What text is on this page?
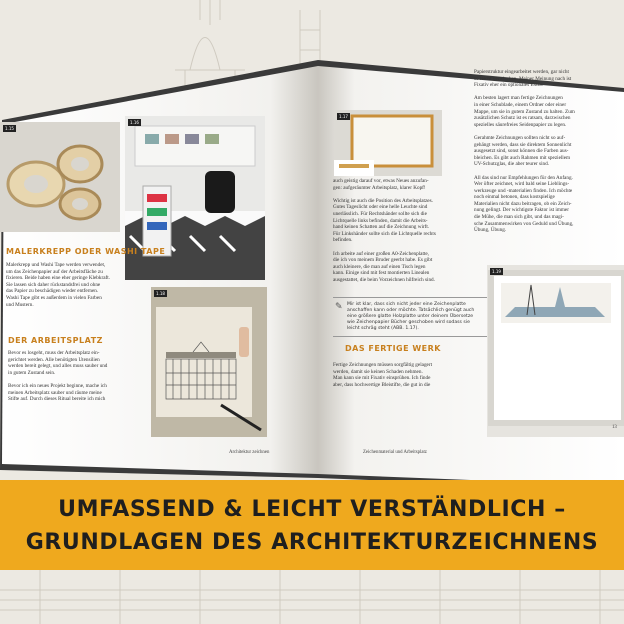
1.15
1.16
1.18
MALERKREPP ODER WASHI TAPE

Malerkrepp und Washi Tape werden verwendet,
um das Zeichenpapier auf der Arbeitsfläche zu
fixieren. Beide haben eine eher geringe Klebkraft.
Sie lassen sich daher rückstandsfrei und ohne
das Papier zu beschädigen wieder entfernen.
Washi Tape gibt es außerdem in vielen Farben
und Mustern.

DER ARBEITSPLATZ

Bevor es losgeht, muss der Arbeitsplatz ein-
gerichtet werden. Alle benötigten Utensilien
werden bereit gelegt, und alles muss sauber und
in gutem Zustand sein.

Bevor ich ein neues Projekt beginne, mache ich
meinen Arbeitsplatz sauber und räume meine
Stifte auf. Durch dieses Ritual bereite ich mich

Architektur zeichnen
1.17
1.19

auch geistig darauf vor, etwas Neues anzufan-
gen: aufgeräumter Arbeitsplatz, klarer Kopf!

Wichtig ist auch die Position des Arbeitsplatzes.
Gutes Tageslicht oder eine helle Leuchte sind
unerlässlich. Für Rechtshänder sollte sich die
Lichtquelle links befinden, damit die Arbeits-
hand keinen Schatten auf die Zeichnung wirft.
Für Linkshänder sollte sich die Lichtquelle rechts
befinden.

Ich arbeite auf einer großen A0-Zeichenplatte,
die ich von meinem Bruder geerbt habe. Es gibt
auch kleinere, die man auf einen Tisch legen
kann. Einige sind mit fest montierten Linealen
ausgestattet, die beim Vorzeichnen hilfreich sind.

✎ Mir ist klar, dass sich nicht jeder eine Zeichenplatte
anschaffen kann oder möchte. Tatsächlich genügt auch
eine größere glatte Holzplatte unter deinem Übersetze
wie Zeichenpapier Bücher geschoben wird sodass sie
leicht schräg steht (ABB. 1.17).

DAS FERTIGE WERK

Fertige Zeichnungen müssen sorgfältig gelagert
werden, damit sie keinen Schaden nehmen.
Man kann sie mit Fixativ einsprühen. Ich finde
aber, dass hochwertige Bleistifte, die gut in die

Papierstruktur eingearbeitet werden, gar nicht
so leicht verwischen. Meiner Meinung nach ist
Fixativ eher ein optionales Extra.

Am besten lagert man fertige Zeichnungen
in einer Schublade, einem Ordner oder einer
Mappe, um sie in gutem Zustand zu halten. Zum
zusätzlichen Schutz ist es ratsam, darzwischen
spezielles säurefreies Seidenpapier zu legen.

Gerahmte Zeichnungen sollten nicht so auf-
gehängt werden, dass sie direktem Sonnenlicht
ausgesetzt sind, sonst können die Farben aus-
bleichen. Es gibt auch Rahmen mit speziellem
UV-Schutzglas, die aber teurer sind.

All das sind nur Empfehlungen für den Anfang.
Wer öfter zeichnet, wird bald seine Lieblings-
werkzeuge und -materialien finden. Ich möchte
noch einmal betonen, dass kostspielige
Materialien nicht dazu beitragen, ob ein Zeich-
nung gelingt. Der wichtigste Faktor ist immer
die Mühe, die man sich gibt, und das magi-
sche Zusammenwirken von Geduld und Übung,
Übung, Übung.

Zeichenmaterial und Arbeitsplatz
13
UMFASSEND & LEICHT VERSTÄNDLICH –
GRUNDLAGEN DES ARCHITEKTURZEICHNENS
